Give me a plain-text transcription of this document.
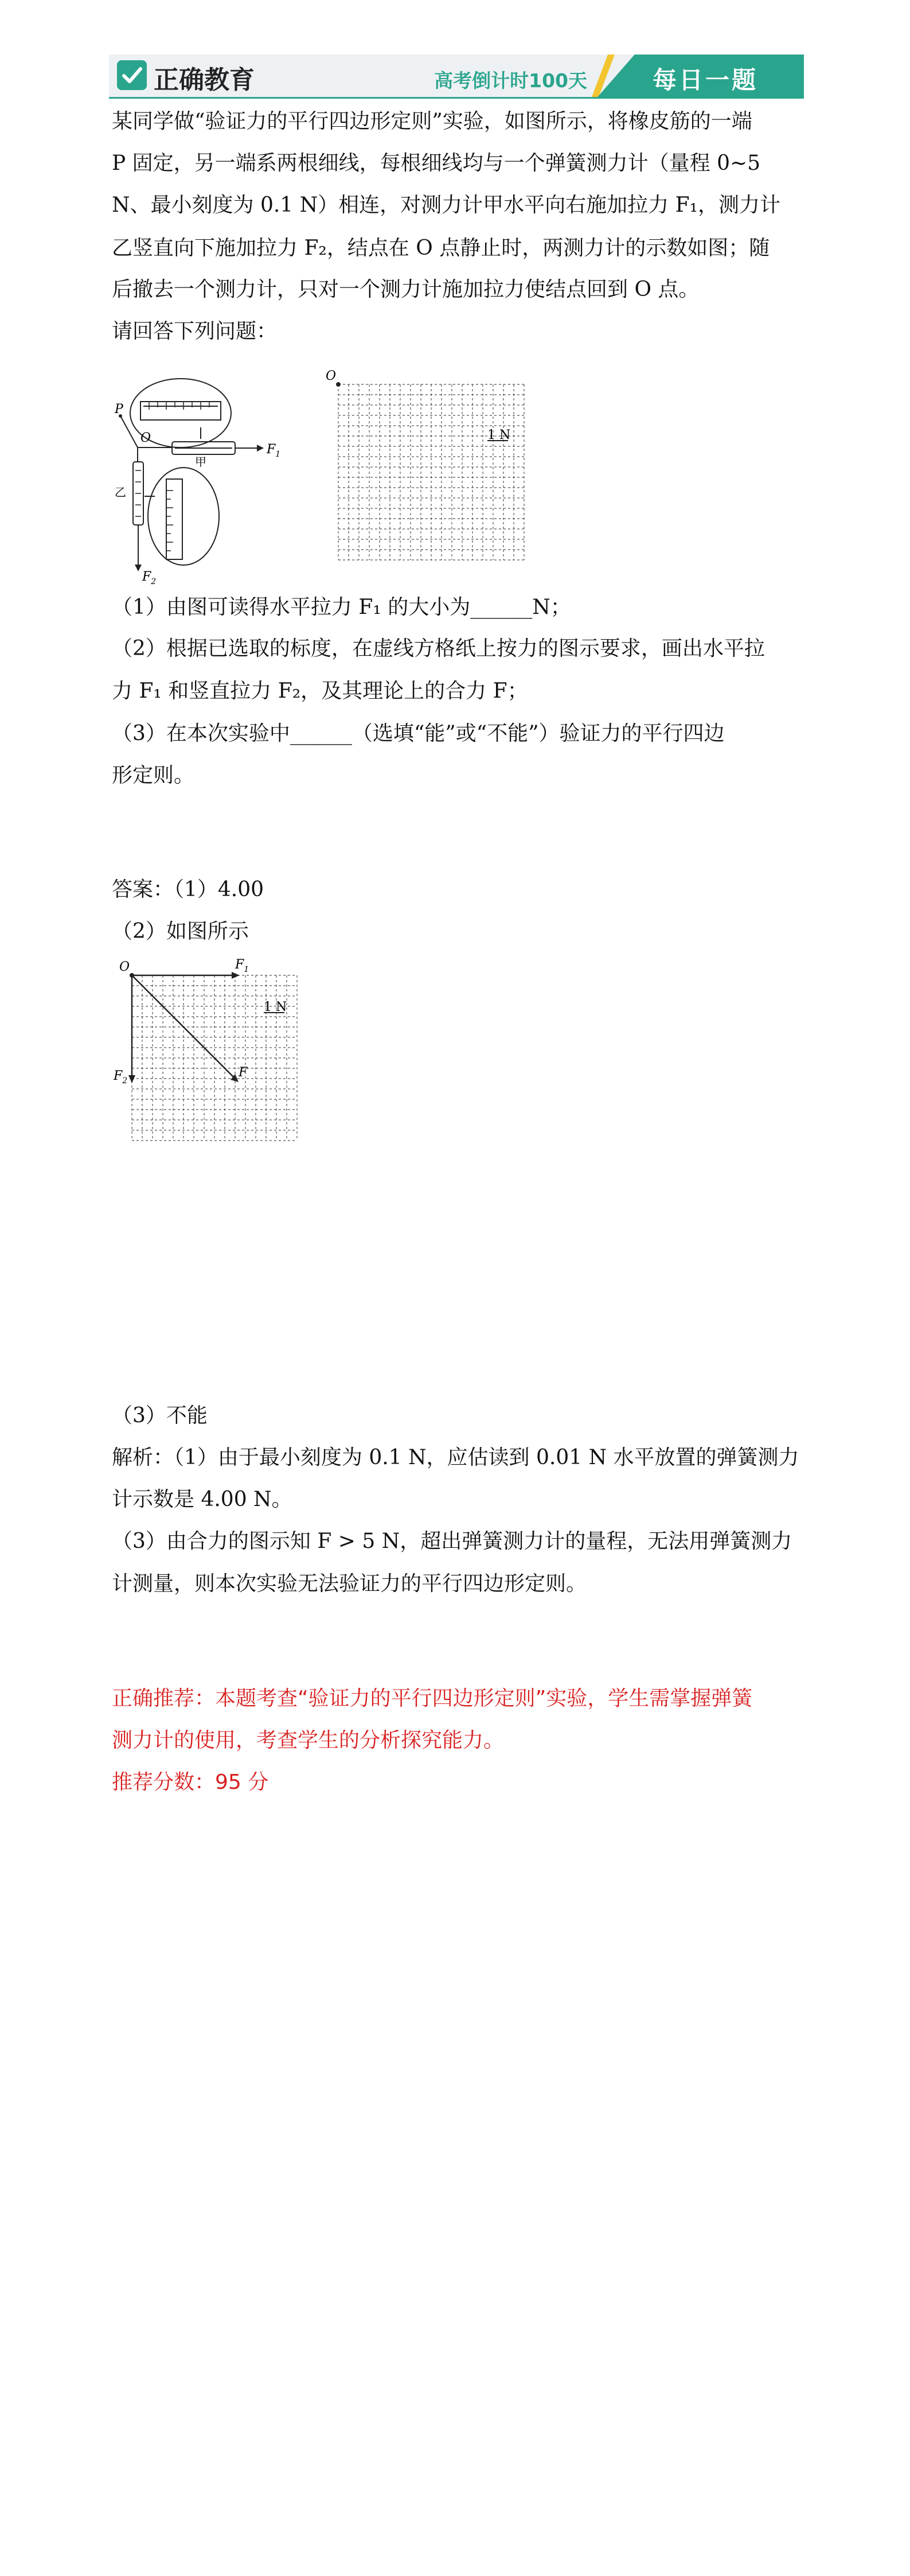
正确教育	高考倒计时100天	每日一题
某同学做“验证力的平行四边形定则”实验，如图所示，将橡皮筋的一端
P 固定，另一端系两根细线，每根细线均与一个弹簧测力计（量程 0~5
N、最小刻度为 0.1 N）相连，对测力计甲水平向右施加拉力 F₁，测力计
乙竖直向下施加拉力 F₂，结点在 O 点静止时，两测力计的示数如图；随
后撤去一个测力计，只对一个测力计施加拉力使结点回到 O 点。
请回答下列问题：
P
O
甲
乙
$F_1$
$F_2$
O
1 N
（1）由图可读得水平拉力 F₁ 的大小为______N；
（2）根据已选取的标度，在虚线方格纸上按力的图示要求，画出水平拉
力 F₁ 和竖直拉力 F₂，及其理论上的合力 F；
（3）在本次实验中______（选填“能”或“不能”）验证力的平行四边
形定则。
答案：（1）4.00
（2）如图所示
O	$F_1$
$F_2$
F
1 N
（3）不能
解析：（1）由于最小刻度为 0.1 N，应估读到 0.01 N 水平放置的弹簧测力
计示数是 4.00 N。
（3）由合力的图示知 F > 5 N，超出弹簧测力计的量程，无法用弹簧测力
计测量，则本次实验无法验证力的平行四边形定则。
正确推荐：本题考查“验证力的平行四边形定则”实验，学生需掌握弹簧
测力计的使用，考查学生的分析探究能力。
推荐分数：95 分
